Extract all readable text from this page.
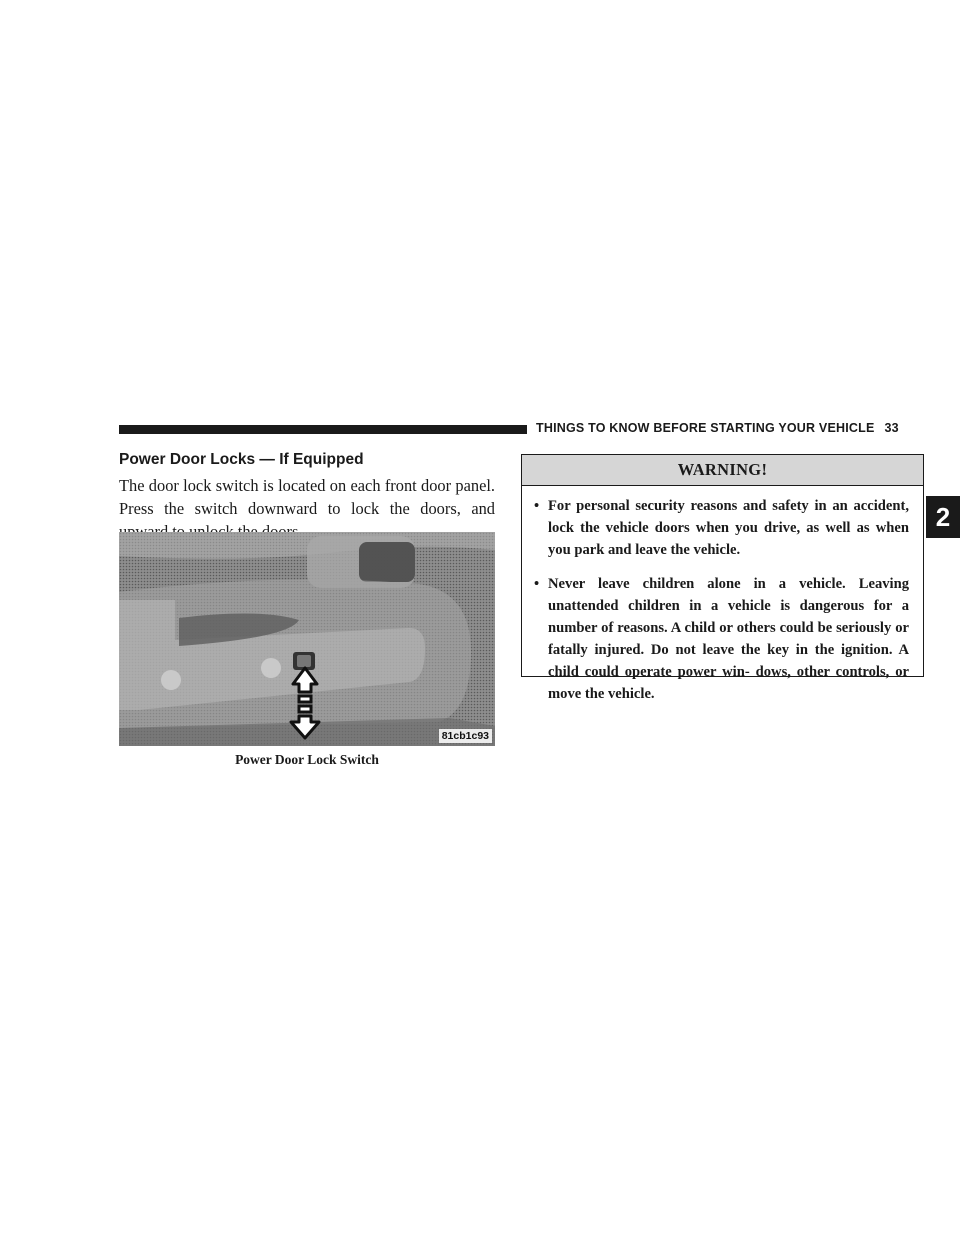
THINGS TO KNOW BEFORE STARTING YOUR VEHICLE 33
2
Power Door Locks — If Equipped

The door lock switch is located on each front door panel. Press the switch downward to lock the doors, and

81cb1c93

Power Door Lock Switch

WARNING!
• For personal security reasons and safety in an accident, lock the vehicle doors when you drive, as well as when you park and leave the vehicle.
• Never leave children alone in a vehicle. Leaving unattended children in a vehicle is dangerous for a number of reasons. A child or others could be seriously or fatally injured. Do not leave the key in the ignition. A child could operate power win- dows, other controls, or move the vehicle.
